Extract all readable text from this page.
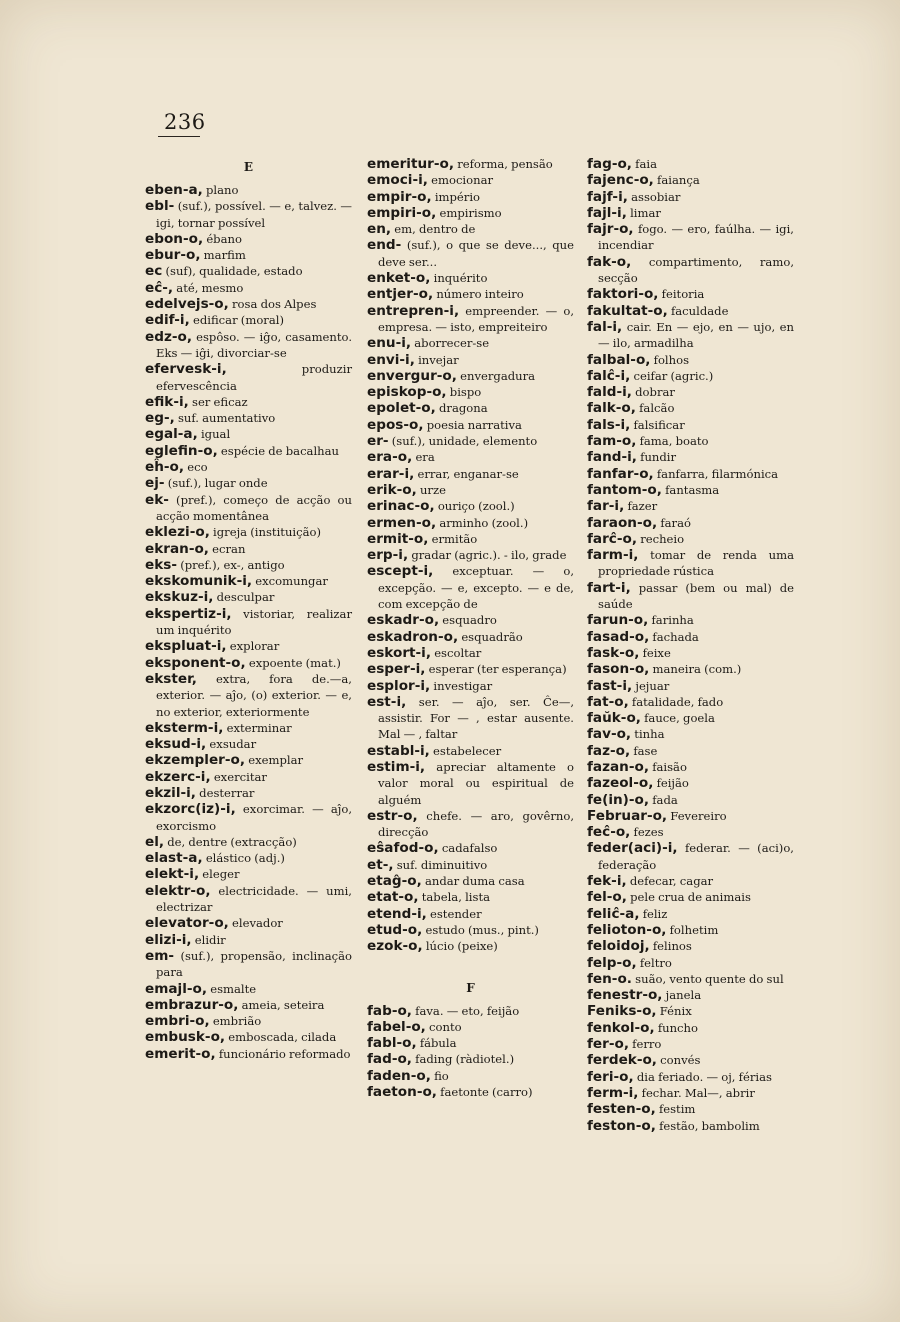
236
E

eben-a, plano

ebl- (suf.), possível. — e, talvez. — igi, tornar possível

ebon-o, ébano

ebur-o, marfim

ec (suf), qualidade, estado

eĉ-, até, mesmo

edelvejs-o, rosa dos Alpes

edif-i, edificar (moral)

edz-o, espôso. — iĝo, casamento. Eks — iĝi, divorciar-se

efervesk-i,	produzir efervescência

efik-i, ser eficaz

eg-, suf. aumentativo

egal-a, igual

eglefin-o, espécie de bacalhau

eĥ-o, eco

ej- (suf.), lugar onde

ek- (pref.), começo de acção ou acção momentânea

eklezi-o, igreja (instituição)

ekran-o, ecran

eks- (pref.), ex-, antigo

ekskomunik-i, excomungar

ekskuz-i, desculpar

ekspertiz-i, vistoriar, realizar um inquérito

ekspluat-i, explorar

eksponent-o, expoente (mat.)

ekster, extra, fora de.—a, exterior. — aĵo, (o) exterior. — e, no exterior, exteriormente

eksterm-i, exterminar

eksud-i, exsudar

ekzempler-o, exemplar

ekzerc-i, exercitar

ekzil-i, desterrar

ekzorc(iz)-i, exorcimar. — aĵo, exorcismo

el, de, dentre (extracção)

elast-a, elástico (adj.)

elekt-i, eleger

elektr-o, electricidade. — umi, electrizar

elevator-o, elevador

elizi-i, elidir

em- (suf.), propensão, inclinação para

emajl-o, esmalte

embrazur-o, ameia, seteira

embri-o, embrião

embusk-o, emboscada, cilada

emerit-o, funcionário reformado

emeritur-o, reforma, pensão

emoci-i, emocionar

empir-o, império

empiri-o, empirismo

en, em, dentro de

end- (suf.), o que se deve..., que deve ser...

enket-o, inquérito

entjer-o, número inteiro

entrepren-i, empreender. — o, empresa. — isto, empreiteiro

enu-i, aborrecer-se

envi-i, invejar

envergur-o, envergadura

episkop-o, bispo

epolet-o, dragona

epos-o, poesia narrativa

er- (suf.), unidade, elemento

era-o, era

erar-i, errar, enganar-se

erik-o, urze

erinac-o, ouriço (zool.)

ermen-o, arminho (zool.)

ermit-o, ermitão

erp-i, gradar (agric.). - ilo, grade

escept-i, exceptuar. — o, excepção. — e, excepto. — e de, com excepção de

eskadr-o, esquadro

eskadron-o, esquadrão

eskort-i, escoltar

esper-i, esperar (ter esperança)

esplor-i, investigar

est-i, ser. — aĵo, ser. Ĉe—, assistir. For — , estar ausente. Mal — , faltar

establ-i, estabelecer

estim-i, apreciar altamente o valor moral ou espiritual de alguém

estr-o, chefe. — aro, govêrno, direcção

eŝafod-o, cadafalso

et-, suf. diminuitivo

etaĝ-o, andar duma casa

etat-o, tabela, lista

etend-i, estender

etud-o, estudo (mus., pint.)

ezok-o, lúcio (peixe)

F

fab-o, fava. — eto, feijão

fabel-o, conto

fabl-o, fábula

fad-o, fading (ràdiotel.)

faden-o, fio

faeton-o, faetonte (carro)

fag-o, faia

fajenc-o, faiança

fajf-i, assobiar

fajl-i, limar

fajr-o, fogo. — ero, faúlha. — igi, incendiar

fak-o, compartimento, ramo, secção

faktori-o, feitoria

fakultat-o, faculdade

fal-i, cair. En — ejo, en — ujo, en — ilo, armadilha

falbal-o, folhos

falĉ-i, ceifar (agric.)

fald-i, dobrar

falk-o, falcão

fals-i, falsificar

fam-o, fama, boato

fand-i, fundir

fanfar-o, fanfarra, filarmónica

fantom-o, fantasma

far-i, fazer

faraon-o, faraó

farĉ-o, recheio

farm-i, tomar de renda uma propriedade rústica

fart-i, passar (bem ou mal) de saúde

farun-o, farinha

fasad-o, fachada

fask-o, feixe

fason-o, maneira (com.)

fast-i, jejuar

fat-o, fatalidade, fado

faŭk-o, fauce, goela

fav-o, tinha

faz-o, fase

fazan-o, faisão

fazeol-o, feijão

fe(in)-o, fada

Februar-o, Fevereiro

feĉ-o, fezes

feder(aci)-i, federar. — (aci)o, federação

fek-i, defecar, cagar

fel-o, pele crua de animais

feliĉ-a, feliz

felioton-o, folhetim

feloidoj, felinos

felp-o, feltro

fen-o. suão, vento quente do sul

fenestr-o, janela

Feniks-o, Fénix

fenkol-o, funcho

fer-o, ferro

ferdek-o, convés

feri-o, dia feriado. — oj, férias

ferm-i, fechar. Mal—, abrir

festen-o, festim

feston-o, festão, bambolim
